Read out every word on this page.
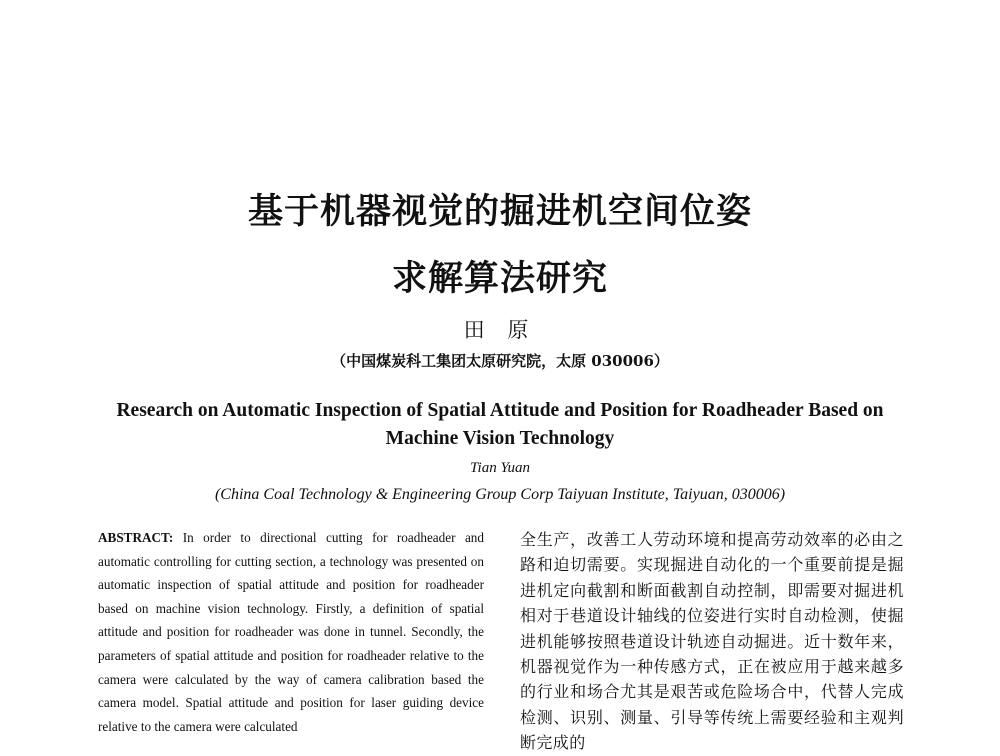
基于机器视觉的掘进机空间位姿
求解算法研究
田 原
（中国煤炭科工集团太原研究院，太原 030006）
Research on Automatic Inspection of Spatial Attitude and Position for Roadheader Based on Machine Vision Technology
Tian Yuan
(China Coal Technology & Engineering Group Corp Taiyuan Institute, Taiyuan, 030006)

ABSTRACT: In order to directional cutting for roadheader and automatic controlling for cutting section, a technology was presented on automatic inspection of spatial attitude and position for roadheader based on machine vision technology. Firstly, a definition of spatial attitude and position for roadheader was done in tunnel. Secondly, the parameters of spatial attitude and position for roadheader relative to the camera were calculated by the way of camera calibration based the camera model. Spatial attitude and position for laser guiding device relative to the camera were calculated

全生产，改善工人劳动环境和提高劳动效率的必由之路和迫切需要。实现掘进自动化的一个重要前提是掘进机定向截割和断面截割自动控制，即需要对掘进机相对于巷道设计轴线的位姿进行实时自动检测，使掘进机能够按照巷道设计轨迹自动掘进。近十数年来，机器视觉作为一种传感方式，正在被应用于越来越多的行业和场合尤其是艰苦或危险场合中，代替人完成检测、识别、测量、引导等传统上需要经验和主观判断完成的
